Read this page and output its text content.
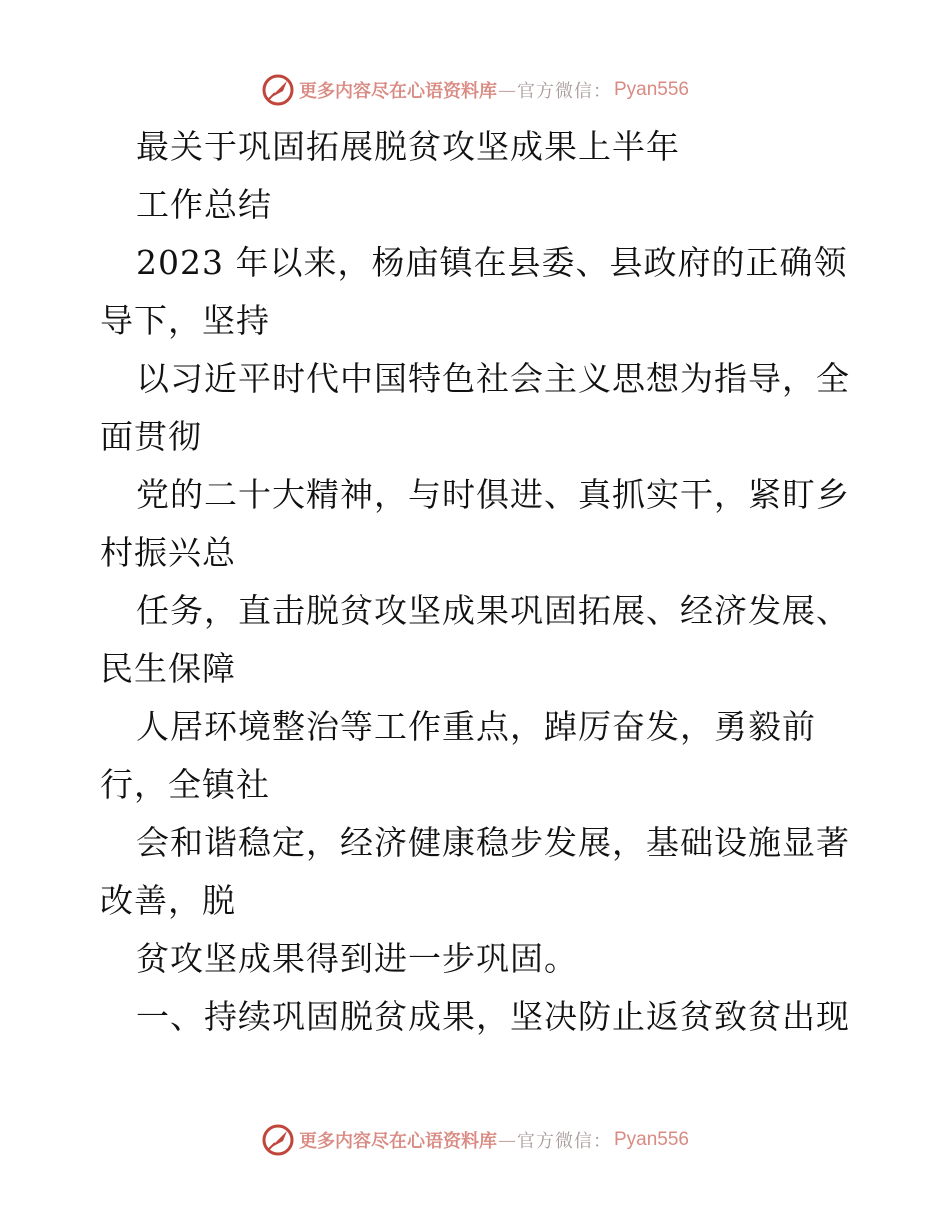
更多内容尽在心语资料库 — 官方微信： Pyan556
最关于巩固拓展脱贫攻坚成果上半年
工作总结
2023 年以来，杨庙镇在县委、县政府的正确领
导下，坚持
以习近平时代中国特色社会主义思想为指导，全
面贯彻
党的二十大精神，与时俱进、真抓实干，紧盯乡
村振兴总
任务，直击脱贫攻坚成果巩固拓展、经济发展、
民生保障
人居环境整治等工作重点，踔厉奋发，勇毅前
行，全镇社
会和谐稳定，经济健康稳步发展，基础设施显著
改善，脱
贫攻坚成果得到进一步巩固。
一、持续巩固脱贫成果，坚决防止返贫致贫出现
更多内容尽在心语资料库 — 官方微信： Pyan556
